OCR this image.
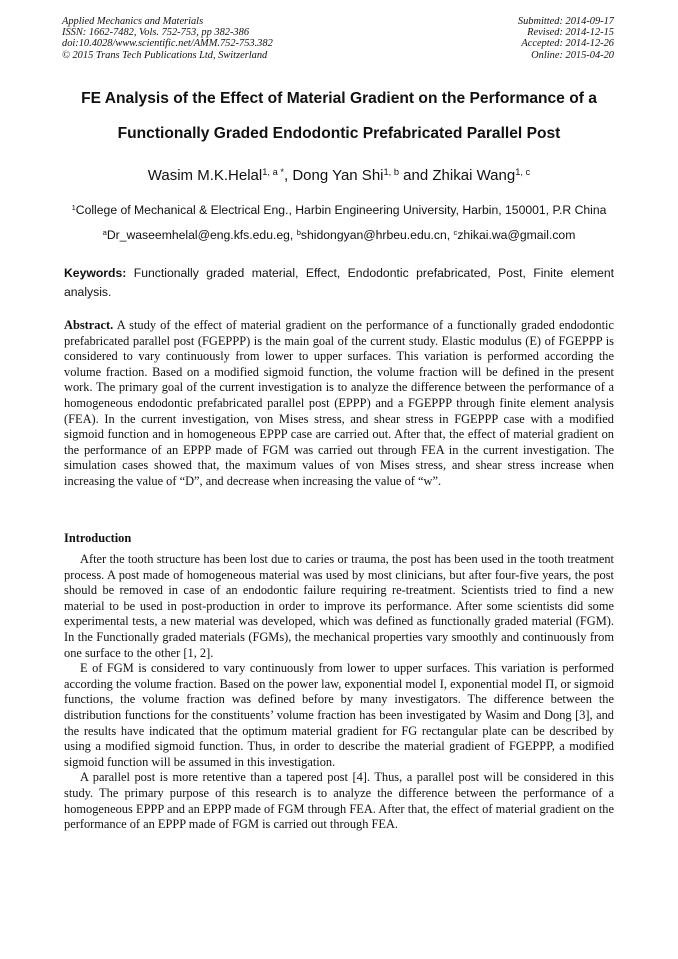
Applied Mechanics and Materials
ISSN: 1662-7482, Vols. 752-753, pp 382-386
doi:10.4028/www.scientific.net/AMM.752-753.382
© 2015 Trans Tech Publications Ltd, Switzerland
Submitted: 2014-09-17
Revised: 2014-12-15
Accepted: 2014-12-26
Online: 2015-04-20
FE Analysis of the Effect of Material Gradient on the Performance of a
Functionally Graded Endodontic Prefabricated Parallel Post
Wasim M.K.Helal$^{1, a *}$, Dong Yan Shi$^{1, b}$ and Zhikai Wang$^{1, c}$
$^1$College of Mechanical & Electrical Eng., Harbin Engineering University, Harbin, 150001, P.R China
$^a$Dr_waseemhelal@eng.kfs.edu.eg, $^b$shidongyan@hrbeu.edu.cn, $^c$zhikai.wa@gmail.com
Keywords: Functionally graded material, Effect, Endodontic prefabricated, Post, Finite element analysis.
Abstract. A study of the effect of material gradient on the performance of a functionally graded endodontic prefabricated parallel post (FGEPPP) is the main goal of the current study. Elastic modulus (E) of FGEPPP is considered to vary continuously from lower to upper surfaces. This variation is performed according the volume fraction. Based on a modified sigmoid function, the volume fraction will be defined in the present work. The primary goal of the current investigation is to analyze the difference between the performance of a homogeneous endodontic prefabricated parallel post (EPPP) and a FGEPPP through finite element analysis (FEA). In the current investigation, von Mises stress, and shear stress in FGEPPP case with a modified sigmoid function and in homogeneous EPPP case are carried out. After that, the effect of material gradient on the performance of an EPPP made of FGM was carried out through FEA in the current investigation. The simulation cases showed that, the maximum values of von Mises stress, and shear stress increase when increasing the value of “D”, and decrease when increasing the value of “w”.
Introduction

After the tooth structure has been lost due to caries or trauma, the post has been used in the tooth treatment process. A post made of homogeneous material was used by most clinicians, but after four-five years, the post should be removed in case of an endodontic failure requiring re-treatment. Scientists tried to find a new material to be used in post-production in order to improve its performance. After some scientists did some experimental tests, a new material was developed, which was defined as functionally graded material (FGM). In the Functionally graded materials (FGMs), the mechanical properties vary smoothly and continuously from one surface to the other [1, 2].

E of FGM is considered to vary continuously from lower to upper surfaces. This variation is performed according the volume fraction. Based on the power law, exponential model I, exponential model Π, or sigmoid functions, the volume fraction was defined before by many investigators. The difference between the distribution functions for the constituents’ volume fraction has been investigated by Wasim and Dong [3], and the results have indicated that the optimum material gradient for FG rectangular plate can be described by using a modified sigmoid function. Thus, in order to describe the material gradient of FGEPPP, a modified sigmoid function will be assumed in this investigation.

A parallel post is more retentive than a tapered post [4]. Thus, a parallel post will be considered in this study. The primary purpose of this research is to analyze the difference between the performance of a homogeneous EPPP and an EPPP made of FGM through FEA. After that, the effect of material gradient on the performance of an EPPP made of FGM is carried out through FEA.
